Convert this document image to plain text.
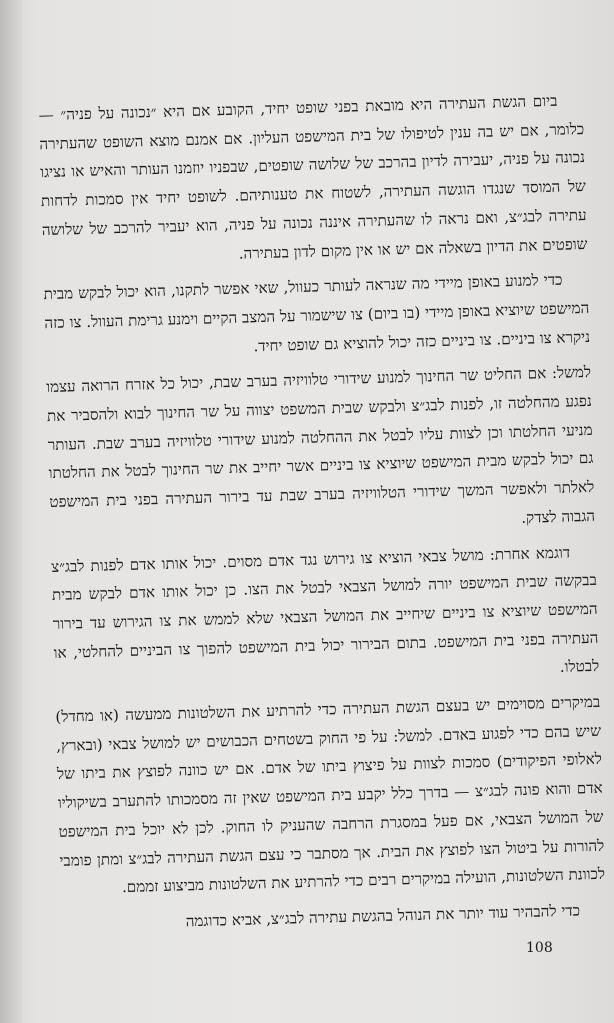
ביום הגשת העתירה היא מובאת בפני שופט יחיד, הקובע אם היא ״נכונה על פניה״ — כלומר, אם יש בה ענין לטיפולו של בית המישפט העליון. אם אמנם מוצא השופט שהעתירה נכונה על פניה, יעבירה לדיון בהרכב של שלושה שופטים, שבפניו יוזמנו העותר והאיש או נציגו של המוסד שנגדו הוגשה העתירה, לשטוח את טענותיהם. לשופט יחיד אין סמכות לדחות עתירה לבג״צ, ואם נראה לו שהעתירה איננה נכונה על פניה, הוא יעביר להרכב של שלושה שופטים את הדיון בשאלה אם יש או אין מקום לדון בעתירה.

כדי למנוע באופן מיידי מה שנראה לעותר כעוול, שאי אפשר לתקנו, הוא יכול לבקש מבית המישפט שיוציא באופן מיידי (בו ביום) צו שישמור על המצב הקיים וימנע גרימת העוול. צו כזה ניקרא צו ביניים. צו ביניים כזה יכול להוציא גם שופט יחיד.

למשל: אם החליט שר החינוך למנוע שידורי טלוויזיה בערב שבת, יכול כל אזרח הרואה עצמו נפגע מהחלטה זו, לפנות לבג״צ ולבקש שבית המשפט יצווה על שר החינוך לבוא ולהסביר את מניעי החלטתו וכן לצוות עליו לבטל את ההחלטה למנוע שידורי טלוויזיה בערב שבת. העותר גם יכול לבקש מבית המישפט שיוציא צו ביניים אשר יחייב את שר החינוך לבטל את החלטתו לאלתר ולאפשר המשך שידורי הטלוויזיה בערב שבת עד בירור העתירה בפני בית המישפט הגבוה לצדק.

דוגמא אחרת: מושל צבאי הוציא צו גירוש נגד אדם מסוים. יכול אותו אדם לפנות לבג״צ בבקשה שבית המישפט יורה למושל הצבאי לבטל את הצו. כן יכול אותו אדם לבקש מבית המישפט שיוציא צו ביניים שיחייב את המושל הצבאי שלא לממש את צו הגירוש עד בירור העתירה בפני בית המישפט. בתום הבירור יכול בית המישפט להפוך צו הביניים להחלטי, או לבטלו.

במיקרים מסוימים יש בעצם הגשת העתירה כדי להרתיע את השלטונות ממעשה (או מחדל) שיש בהם כדי לפגוע באדם. למשל: על פי החוק בשטחים הכבושים יש למושל צבאי (ובארץ, לאלופי הפיקודים) סמכות לצוות על פיצוץ ביתו של אדם. אם יש כוונה לפוצץ את ביתו של אדם והוא פונה לבג״צ — בדרך כלל יקבע בית המישפט שאין זה מסמכותו להתערב בשיקוליו של המושל הצבאי, אם פעל במסגרת הרחבה שהעניק לו החוק. לכן לא יוכל בית המישפט להורות על ביטול הצו לפוצץ את הבית. אך מסתבר כי עצם הגשת העתירה לבג״צ ומתן פומבי לכוונת השלטונות, הועילה במיקרים רבים כדי להרתיע את השלטונות מביצוע זממם.

כדי להבהיר עוד יותר את הנוהל בהגשת עתירה לבג״צ, אביא כדוגמה

108
